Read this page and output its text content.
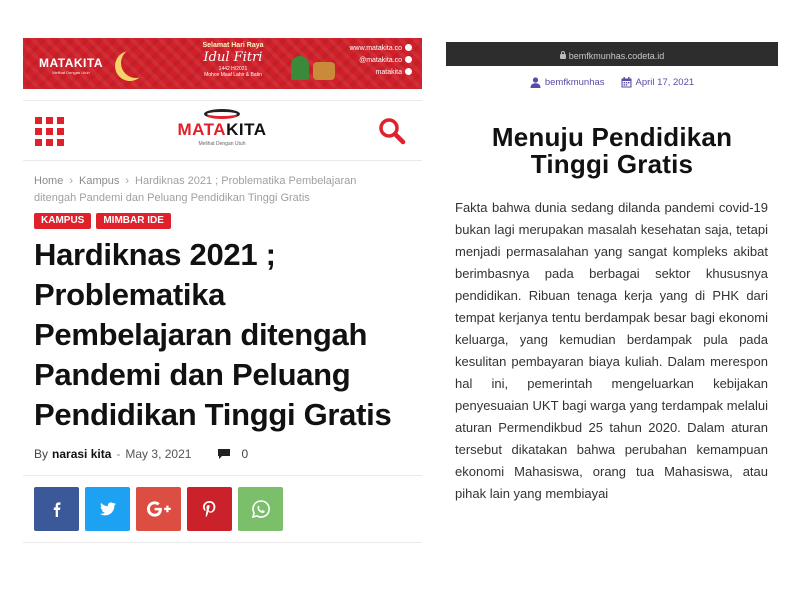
MATAKITA
Melihat Dengan Utuh
Selamat Hari Raya
Idul Fitri
1442 H/2021
Mohon Maaf Lahir & Batin
www.matakita.co
@matakita.co
matakita
MATAKITA
Melihat Dengan Utuh
Home › Kampus › Hardiknas 2021 ; Problematika Pembelajaran ditengah Pandemi dan Peluang Pendidikan Tinggi Gratis
KAMPUS	MIMBAR IDE
Hardiknas 2021 ; Problematika Pembelajaran ditengah Pandemi dan Peluang Pendidikan Tinggi Gratis
By narasi kita - May 3, 2021	0
bemfkmunhas.codeta.id
bemfkmunhas	April 17, 2021
Menuju Pendidikan
Tinggi Gratis

Fakta bahwa dunia sedang dilanda pandemi covid-19 bukan lagi merupakan masalah kesehatan saja, tetapi menjadi permasalahan yang sangat kompleks akibat berimbasnya pada berbagai sektor khususnya pendidikan. Ribuan tenaga kerja yang di PHK dari tempat kerjanya tentu berdampak besar bagi ekonomi keluarga, yang kemudian berdampak pula pada kesulitan pembayaran biaya kuliah. Dalam merespon hal ini, pemerintah mengeluarkan kebijakan penyesuaian UKT bagi warga yang terdampak melalui aturan Permendikbud 25 tahun 2020. Dalam aturan tersebut dikatakan bahwa perubahan kemampuan ekonomi Mahasiswa, orang tua Mahasiswa, atau pihak lain yang membiayai
